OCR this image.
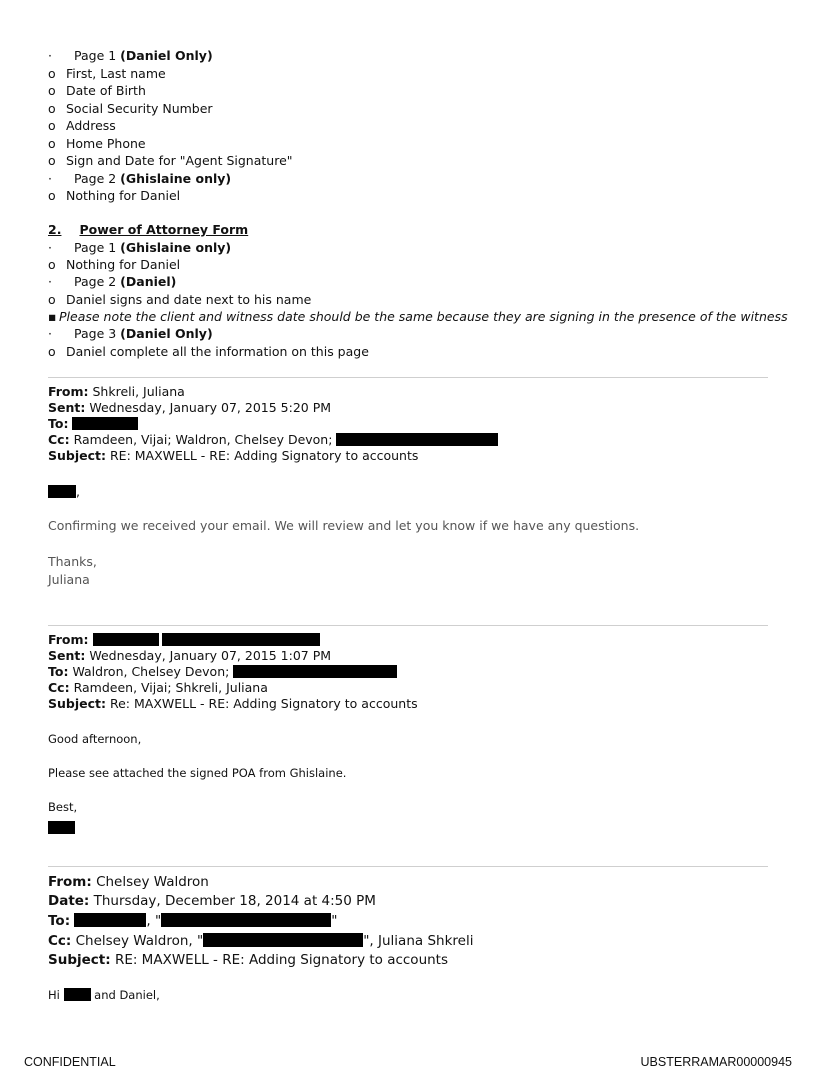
· Page 1 (Daniel Only)
o First, Last name
o Date of Birth
o Social Security Number
o Address
o Home Phone
o Sign and Date for "Agent Signature"
· Page 2 (Ghislaine only)
o Nothing for Daniel
2. Power of Attorney Form
· Page 1 (Ghislaine only)
o Nothing for Daniel
· Page 2 (Daniel)
o Daniel signs and date next to his name
▪ Please note the client and witness date should be the same because they are signing in the presence of the witness
· Page 3 (Daniel Only)
o Daniel complete all the information on this page
From: Shkreli, Juliana
Sent: Wednesday, January 07, 2015 5:20 PM
To:
Cc: Ramdeen, Vijai; Waldron, Chelsey Devon;
Subject: RE: MAXWELL - RE: Adding Signatory to accounts
,
Confirming we received your email. We will review and let you know if we have any questions.
Thanks,
Juliana
From:
Sent: Wednesday, January 07, 2015 1:07 PM
To: Waldron, Chelsey Devon;
Cc: Ramdeen, Vijai; Shkreli, Juliana
Subject: Re: MAXWELL - RE: Adding Signatory to accounts
Good afternoon,
Please see attached the signed POA from Ghislaine.
Best,
From: Chelsey Waldron
Date: Thursday, December 18, 2014 at 4:50 PM
To:	, "	"
Cc: Chelsey Waldron, "	", Juliana Shkreli
Subject: RE: MAXWELL - RE: Adding Signatory to accounts
Hi	and Daniel,
CONFIDENTIAL	UBSTERRAMAR00000945
